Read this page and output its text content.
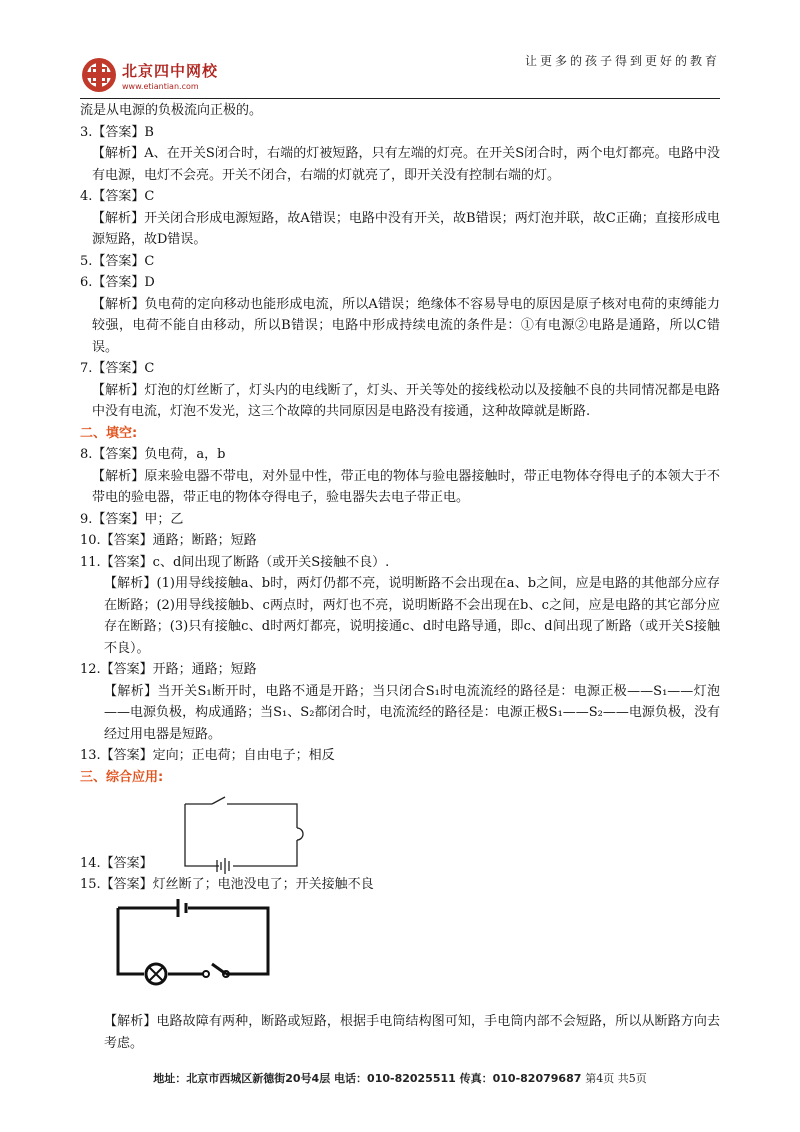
北京四中网校
www.etiantian.com
让更多的孩子得到更好的教育

流是从电源的负极流向正极的。

3.【答案】B

【解析】A、在开关S闭合时，右端的灯被短路，只有左端的灯亮。在开关S闭合时，两个电灯都亮。电路中没有电源，电灯不会亮。开关不闭合，右端的灯就亮了，即开关没有控制右端的灯。

4.【答案】C

【解析】开关闭合形成电源短路，故A错误；电路中没有开关，故B错误；两灯泡并联，故C正确；直接形成电源短路，故D错误。

5.【答案】C

6.【答案】D

【解析】负电荷的定向移动也能形成电流，所以A错误；绝缘体不容易导电的原因是原子核对电荷的束缚能力较强，电荷不能自由移动，所以B错误；电路中形成持续电流的条件是：①有电源②电路是通路，所以C错误。

7.【答案】C

【解析】灯泡的灯丝断了，灯头内的电线断了，灯头、开关等处的接线松动以及接触不良的共同情况都是电路中没有电流，灯泡不发光，这三个故障的共同原因是电路没有接通，这种故障就是断路.

二、填空:

8.【答案】负电荷，a，b

【解析】原来验电器不带电，对外显中性，带正电的物体与验电器接触时，带正电物体夺得电子的本领大于不带电的验电器，带正电的物体夺得电子，验电器失去电子带正电。

9.【答案】甲；乙

10.【答案】通路；断路；短路

11.【答案】c、d间出现了断路（或开关S接触不良）.

【解析】(1)用导线接触a、b时，两灯仍都不亮，说明断路不会出现在a、b之间，应是电路的其他部分应存在断路；(2)用导线接触b、c两点时，两灯也不亮，说明断路不会出现在b、c之间，应是电路的其它部分应存在断路；(3)只有接触c、d时两灯都亮，说明接通c、d时电路导通，即c、d间出现了断路（或开关S接触不良）。

12.【答案】开路；通路；短路

【解析】当开关S₁断开时，电路不通是开路；当只闭合S₁时电流流经的路径是：电源正极——S₁——灯泡——电源负极，构成通路；当S₁、S₂都闭合时，电流流经的路径是：电源正极S₁——S₂——电源负极，没有经过用电器是短路。

13.【答案】定向；正电荷；自由电子；相反

三、综合应用:

14.【答案】

15.【答案】灯丝断了；电池没电了；开关接触不良

【解析】电路故障有两种，断路或短路，根据手电筒结构图可知，手电筒内部不会短路，所以从断路方向去考虑。

地址：北京市西城区新德街20号4层 电话：010-82025511 传真：010-82079687 第4页 共5页
